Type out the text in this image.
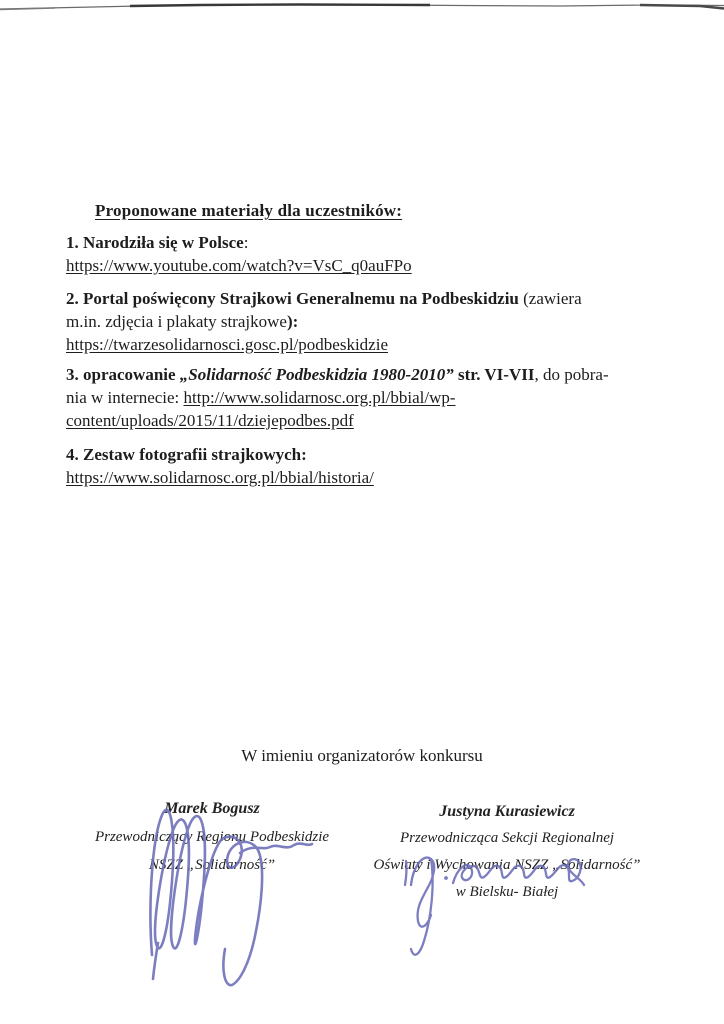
Proponowane materiały dla uczestników:
1. Narodziła się w Polsce:
https://www.youtube.com/watch?v=VsC_q0auFPo
2. Portal poświęcony Strajkowi Generalnemu na Podbeskidziu (zawiera
m.in. zdjęcia i plakaty strajkowe):
https://twarzesolidarnosci.gosc.pl/podbeskidzie
3. opracowanie „Solidarność Podbeskidzia 1980-2010” str. VI-VII, do pobra-
nia w internecie: http://www.solidarnosc.org.pl/bbial/wp-
content/uploads/2015/11/dziejepodbes.pdf
4. Zestaw fotografii strajkowych:
https://www.solidarnosc.org.pl/bbial/historia/
W imieniu organizatorów konkursu
Marek Bogusz
Przewodniczący Regionu Podbeskidzie
NSZZ „Solidarność”
Justyna Kurasiewicz
Przewodnicząca Sekcji Regionalnej
Oświaty i Wychowania NSZZ „Solidarność”
w Bielsku- Białej
